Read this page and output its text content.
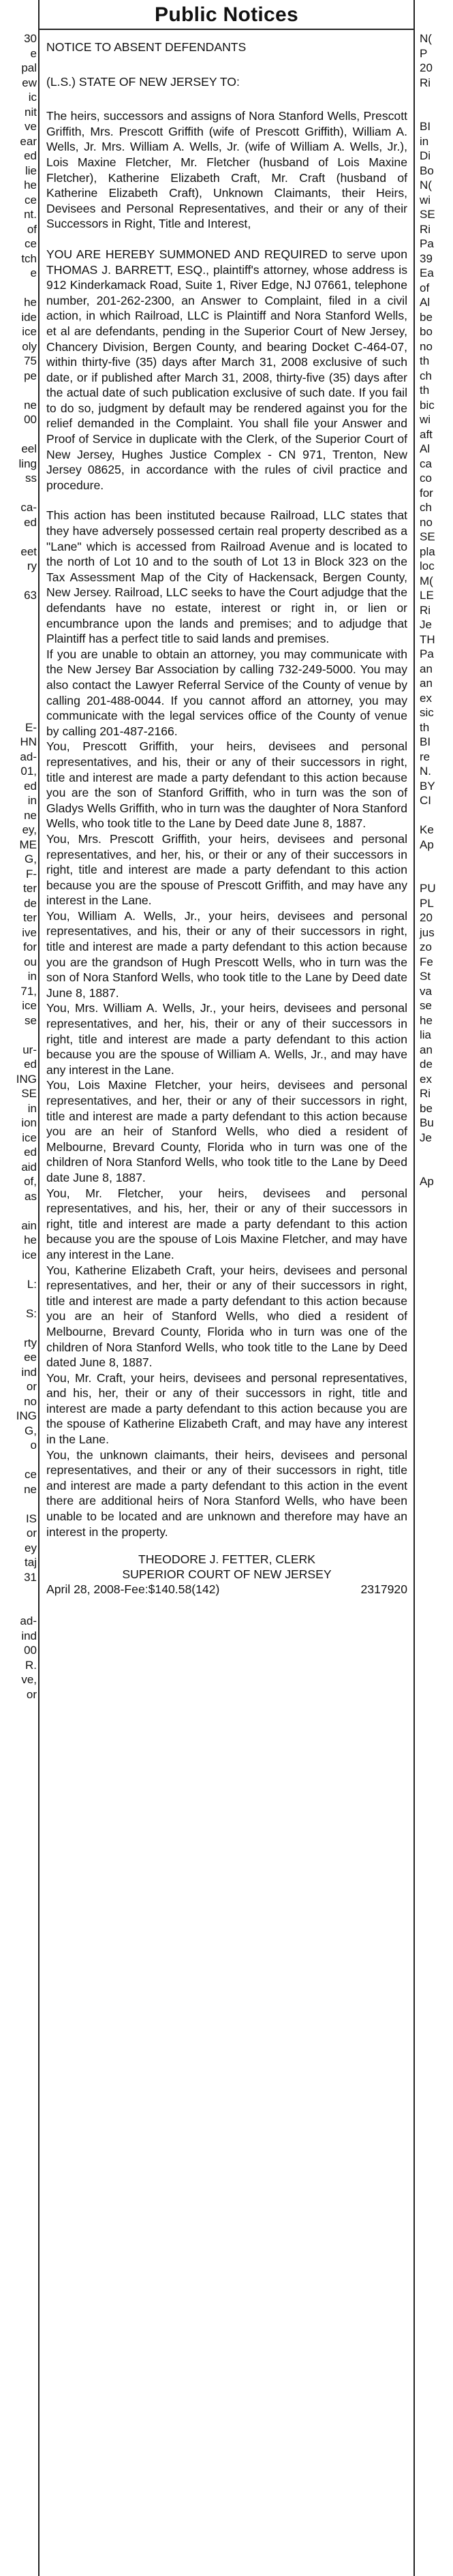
30

e

pal

ew

ic

nit

ve

ear

ed

lie

he

ce

nt.

of

ce

tch

e

he

ide

ice

oly

75

pe

ne

00

eel

ling

ss

ca-

ed

eet

ry

63

E-

HN

ad-

01,

ed

in

ne

ey,

ME

G,

F-

ter

de

ter

ive

for

ou

in

71,

ice

se

ur-

ed

ING

SE

in

ion

ice

ed

aid

of,

as

ain

he

ice

L:

S:

rty

ee

ind

or

no

ING

G,

o

ce

ne

IS

or

ey

taj

31

ad-

ind

00

R.

ve,

or

Public Notices

NOTICE TO ABSENT DEFENDANTS

(L.S.) STATE OF NEW JERSEY TO:

The heirs, successors and assigns of Nora Stanford Wells, Prescott Griffith, Mrs. Prescott Griffith (wife of Prescott Griffith), William A. Wells, Jr. Mrs. William A. Wells, Jr. (wife of William A. Wells, Jr.), Lois Maxine Fletcher, Mr. Fletcher (husband of Lois Maxine Fletcher), Katherine Elizabeth Craft, Mr. Craft (husband of Katherine Elizabeth Craft), Unknown Claimants, their Heirs, Devisees and Personal Representatives, and their or any of their Successors in Right, Title and Interest,

YOU ARE HEREBY SUMMONED AND REQUIRED to serve upon THOMAS J. BARRETT, ESQ., plaintiff's attorney, whose address is 912 Kinderkamack Road, Suite 1, River Edge, NJ 07661, telephone number, 201-262-2300, an Answer to Complaint, filed in a civil action, in which Railroad, LLC is Plaintiff and Nora Stanford Wells, et al are defendants, pending in the Superior Court of New Jersey, Chancery Division, Bergen County, and bearing Docket C-464-07, within thirty-five (35) days after March 31, 2008 exclusive of such date, or if published after March 31, 2008, thirty-five (35) days after the actual date of such publication exclusive of such date. If you fail to do so, judgment by default may be rendered against you for the relief demanded in the Complaint. You shall file your Answer and Proof of Service in duplicate with the Clerk, of the Superior Court of New Jersey, Hughes Justice Complex - CN 971, Trenton, New Jersey 08625, in accordance with the rules of civil practice and procedure.

This action has been instituted because Railroad, LLC states that they have adversely possessed certain real property described as a "Lane" which is accessed from Railroad Avenue and is located to the north of Lot 10 and to the south of Lot 13 in Block 323 on the Tax Assessment Map of the City of Hackensack, Bergen County, New Jersey. Railroad, LLC seeks to have the Court adjudge that the defendants have no estate, interest or right in, or lien or encumbrance upon the lands and premises; and to adjudge that Plaintiff has a perfect title to said lands and premises.

If you are unable to obtain an attorney, you may communicate with the New Jersey Bar Association by calling 732-249-5000. You may also contact the Lawyer Referral Service of the County of venue by calling 201-488-0044. If you cannot afford an attorney, you may communicate with the legal services office of the County of venue by calling 201-487-2166.

You, Prescott Griffith, your heirs, devisees and personal representatives, and his, their or any of their successors in right, title and interest are made a party defendant to this action because you are the son of Stanford Griffith, who in turn was the son of Gladys Wells Griffith, who in turn was the daughter of Nora Stanford Wells, who took title to the Lane by Deed date June 8, 1887.

You, Mrs. Prescott Griffith, your heirs, devisees and personal representatives, and her, his, or their or any of their successors in right, title and interest are made a party defendant to this action because you are the spouse of Prescott Griffith, and may have any interest in the Lane.

You, William A. Wells, Jr., your heirs, devisees and personal representatives, and his, their or any of their successors in right, title and interest are made a party defendant to this action because you are the grandson of Hugh Prescott Wells, who in turn was the son of Nora Stanford Wells, who took title to the Lane by Deed date June 8, 1887.

You, Mrs. William A. Wells, Jr., your heirs, devisees and personal representatives, and her, his, their or any of their successors in right, title and interest are made a party defendant to this action because you are the spouse of William A. Wells, Jr., and may have any interest in the Lane.

You, Lois Maxine Fletcher, your heirs, devisees and personal representatives, and her, their or any of their successors in right, title and interest are made a party defendant to this action because you are an heir of Stanford Wells, who died a resident of Melbourne, Brevard County, Florida who in turn was one of the children of Nora Stanford Wells, who took title to the Lane by Deed date June 8, 1887.

You, Mr. Fletcher, your heirs, devisees and personal representatives, and his, her, their or any of their successors in right, title and interest are made a party defendant to this action because you are the spouse of Lois Maxine Fletcher, and may have any interest in the Lane.

You, Katherine Elizabeth Craft, your heirs, devisees and personal representatives, and her, their or any of their successors in right, title and interest are made a party defendant to this action because you are an heir of Stanford Wells, who died a resident of Melbourne, Brevard County, Florida who in turn was one of the children of Nora Stanford Wells, who took title to the Lane by Deed dated June 8, 1887.

You, Mr. Craft, your heirs, devisees and personal representatives, and his, her, their or any of their successors in right, title and interest are made a party defendant to this action because you are the spouse of Katherine Elizabeth Craft, and may have any interest in the Lane.

You, the unknown claimants, their heirs, devisees and personal representatives, and their or any of their successors in right, title and interest are made a party defendant to this action in the event there are additional heirs of Nora Stanford Wells, who have been unable to be located and are unknown and therefore may have an interest in the property.

THEODORE J. FETTER, CLERK
SUPERIOR COURT OF NEW JERSEY

April 28, 2008-Fee:$140.58(142)	2317920

N(

P

20

Ri

BI

in

Di

Bo

N(

wi

SE

Ri

Pa

39

Ea

of

Al

be

bo

no

th

ch

th

bic

wi

aft

Al

ca

co

for

ch

no

SE

pla

loc

M(

LE

Ri

Je

TH

Pa

an

an

ex

sic

th

BI

re

N.

BY

CI

Ke

Ap

PU

PL

20

jus

zo

Fe

St

va

se

he

lia

an

de

ex

Ri

be

Bu

Je

Ap
